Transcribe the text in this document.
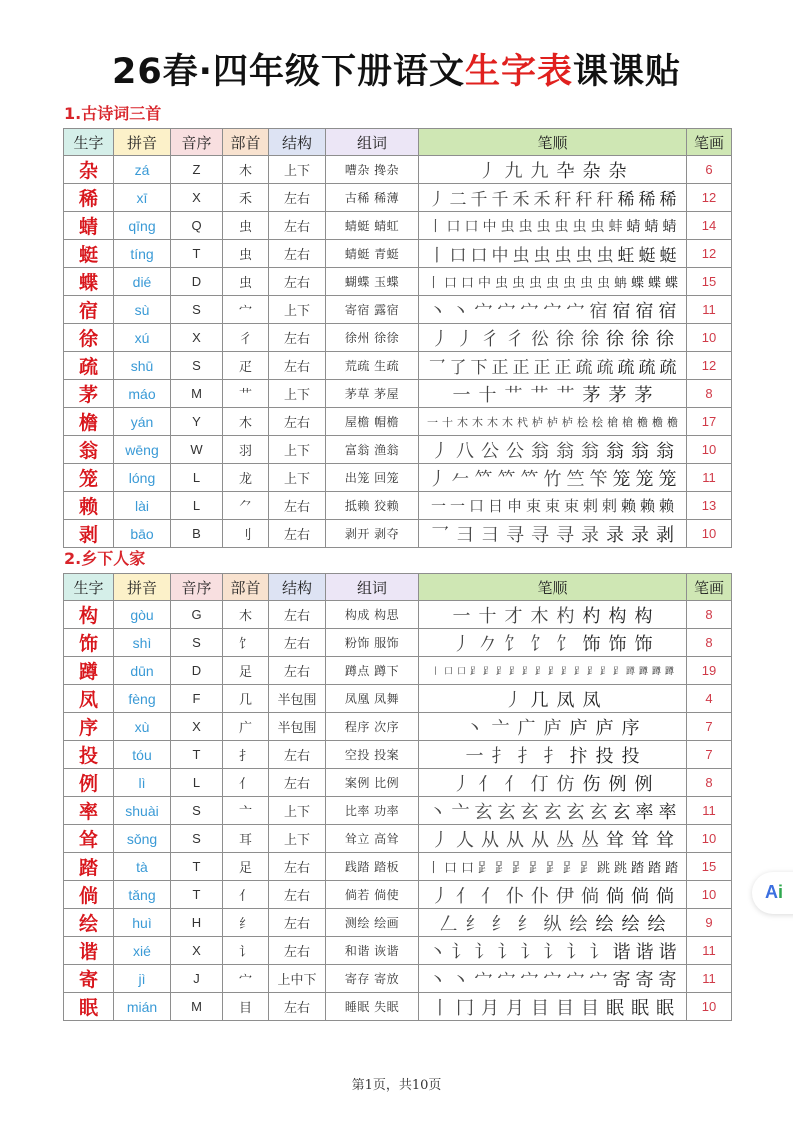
26春·四年级下册语文生字表课课贴
1.古诗词三首
生字	拼音	音序	部首	结构	组词	笔顺	笔画
杂	zá	Z	木	上下	嘈杂 搀杂	丿 九 九 卆 杂 杂	6
稀	xī	X	禾	左右	古稀 稀薄	丿 二 千 千 禾 禾 秆 秆 秆 稀 稀 稀	12
蜻	qīng	Q	虫	左右	蜻蜓 蜻虹	丨 口 口 中 虫 虫 虫 虫 虫 虫 蚌 蜻 蜻 蜻	14
蜓	tíng	T	虫	左右	蜻蜓 青蜓	丨 口 口 中 虫 虫 虫 虫 虫 蚟 蜓 蜓	12
蝶	dié	D	虫	左右	蝴蝶 玉蝶	丨 口 口 中 虫 虫 虫 虫 虫 虫 虫 蚺 蝶 蝶 蝶	15
宿	sù	S	宀	上下	寄宿 露宿	丶 丶 宀 宀 宀 宀 宀 宿 宿 宿 宿	11
徐	xú	X	彳	左右	徐州 徐徐	丿 丿 彳 彳 彸 徐 徐 徐 徐 徐	10
疏	shū	S	疋	左右	荒疏 生疏	乛 了 下 正 正 正 正 疏 疏 疏 疏 疏	12
茅	máo	M	艹	上下	茅草 茅屋	一 十 艹 艹 艹 茅 茅 茅	8
檐	yán	Y	木	左右	屋檐 帽檐	一 十 木 木 木 木 杙 栌 栌 栌 桧 桧 槍 槍 檐 檐 檐	17
翁	wēng	W	羽	上下	富翁 渔翁	丿 八 公 公 翁 翁 翁 翁 翁 翁	10
笼	lóng	L	龙	上下	出笼 回笼	丿 𠂉 𥫗 𥫗 𥫗 竹 竺 笇 笼 笼 笼	11
赖	lài	L	⺈	左右	抵赖 狡赖	一 一 口 日 申 束 束 束 剌 剌 赖 赖 赖	13
剥	bāo	B	刂	左右	剥开 剥夺	乛 彐 彐 寻 寻 寻 录 录 录 剥	10
2.乡下人家
生字	拼音	音序	部首	结构	组词	笔顺	笔画
构	gòu	G	木	左右	构成 构思	一 十 才 木 杓 杓 构 构	8
饰	shì	S	饣	左右	粉饰 服饰	丿 𠂊 饣 饣 饣 饰 饰 饰	8
蹲	dūn	D	足	左右	蹲点 蹲下	丨 口 口 𧾷 𧾷 𧾷 𧾷 𧾷 𧾷 𧾷 𧾷 𧾷 𧾷 𧾷 𧾷 蹲 蹲 蹲 蹲	19
凤	fèng	F	几	半包围	凤凰 凤舞	丿 几 凤 凤	4
序	xù	X	广	半包围	程序 次序	丶 亠 广 庐 庐 庐 序	7
投	tóu	T	扌	左右	空投 投案	一 扌 扌 扌 抃 投 投	7
例	lì	L	亻	左右	案例 比例	丿 亻 亻 仃 仿 伤 例 例	8
率	shuài	S	亠	上下	比率 功率	丶 亠 玄 玄 玄 玄 玄 玄 玄 率 率	11
耸	sǒng	S	耳	上下	耸立 高耸	丿 人 从 从 从 丛 丛 耸 耸 耸	10
踏	tà	T	足	左右	践踏 踏板	丨 口 口 𧾷 𧾷 𧾷 𧾷 𧾷 𧾷 𧾷 跳 跳 踏 踏 踏	15
倘	tǎng	T	亻	左右	倘若 倘使	丿 亻 亻 仆 仆 伊 倘 倘 倘 倘	10
绘	huì	H	纟	左右	测绘 绘画	𠃋 纟 纟 纟 纵 绘 绘 绘 绘	9
谐	xié	X	讠	左右	和谐 诙谐	丶 讠 讠 讠 讠 讠 讠 讠 谐 谐 谐	11
寄	jì	J	宀	上中下	寄存 寄放	丶 丶 宀 宀 宀 宀 宀 宀 寄 寄 寄	11
眠	mián	M	目	左右	睡眠 失眠	丨 冂 月 月 目 目 目 眠 眠 眠	10
第1页，共10页
Ai
